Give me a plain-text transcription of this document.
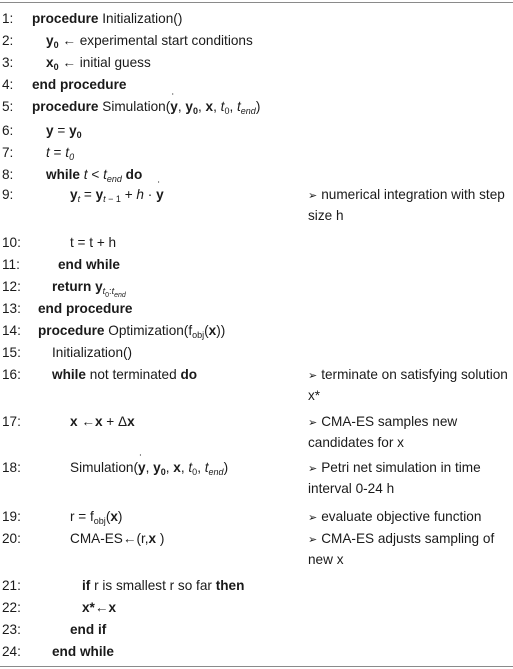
1: procedure Initialization()
2: $y_0$ ← experimental start conditions
3: $x_0$ ← initial guess
4: end procedure
5: procedure Simulation(y ˙, $y_0$, x, $t_0$, $t_{end}$)
6: $y = y_0$
7: $t = t_0$
8: while $t < t_{end}$ do
9:	$y_t = y_{t - 1} + h \cdot y$ ˙	➢ numerical integration with step size h
10:	t = t + h
11:	end while
12: return $y_{t_0:t_{end}}$
13: end procedure
14: procedure $Optimization(f_{obj}(x))$
15: Initialization()
16: while not terminated do	➢ terminate on satisfying solution x*
17:	x ←x + Δx	➢ CMA-ES samples new candidates for x
18:	Simulation(y ˙, $y_0$, x, $t_0$, $t_{end}$)	➢ Petri net simulation in time interval 0-24 h
19:	$r = f_{obj}(x)$	➢ evaluate objective function
20:	CMA-ES←(r,x )	➢ CMA-ES adjusts sampling of new x
21:	if r is smallest r so far then
22:	x*←x
23:	end if
24: end while
